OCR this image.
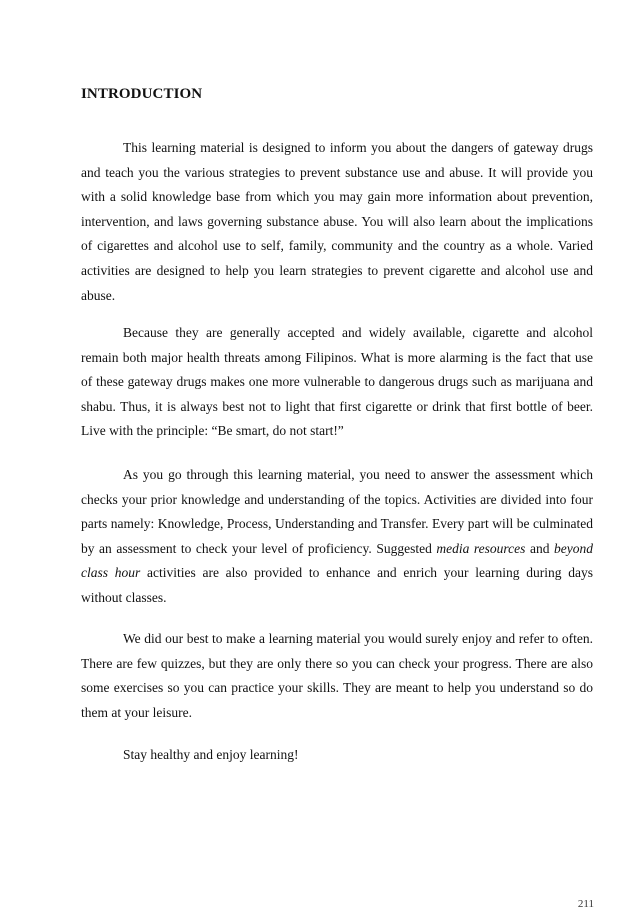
INTRODUCTION

This learning material is designed to inform you about the dangers of gateway drugs and teach you the various strategies to prevent substance use and abuse. It will provide you with a solid knowledge base from which you may gain more information about prevention, intervention, and laws governing substance abuse. You will also learn about the implications of cigarettes and alcohol use to self, family, community and the country as a whole. Varied activities are designed to help you learn strategies to prevent cigarette and alcohol use and abuse.

Because they are generally accepted and widely available, cigarette and alcohol remain both major health threats among Filipinos. What is more alarming is the fact that use of these gateway drugs makes one more vulnerable to dangerous drugs such as marijuana and shabu. Thus, it is always best not to light that first cigarette or drink that first bottle of beer. Live with the principle: “Be smart, do not start!”

As you go through this learning material, you need to answer the assessment which checks your prior knowledge and understanding of the topics. Activities are divided into four parts namely: Knowledge, Process, Understanding and Transfer. Every part will be culminated by an assessment to check your level of proficiency. Suggested media resources and beyond class hour activities are also provided to enhance and enrich your learning during days without classes.

We did our best to make a learning material you would surely enjoy and refer to often. There are few quizzes, but they are only there so you can check your progress. There are also some exercises so you can practice your skills. They are meant to help you understand so do them at your leisure.

Stay healthy and enjoy learning!

211
